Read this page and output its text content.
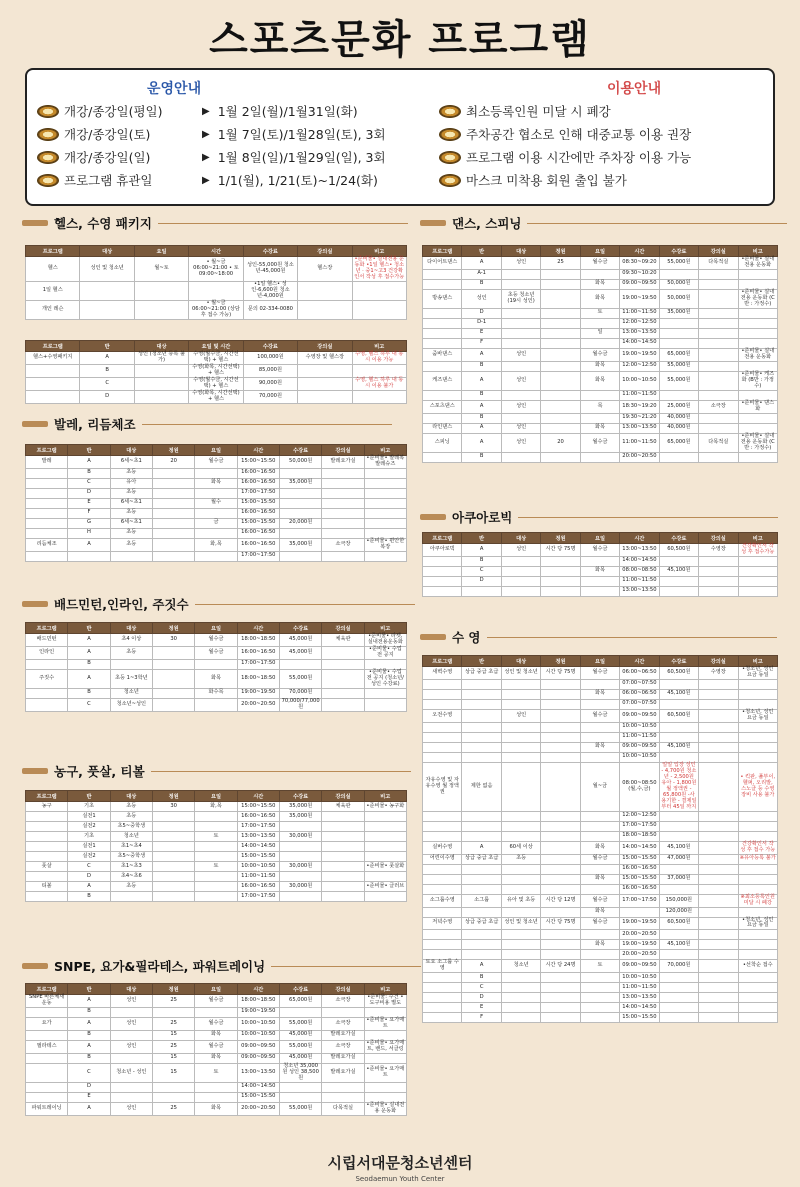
스포츠문화 프로그램
운영안내	이용안내
개강/종강일(평일)	▶ 1월 2일(월)/1월31일(화)
개강/종강일(토)	▶ 1월 7일(토)/1월28일(토), 3회
개강/종강일(일)	▶ 1월 8일(일)/1월29일(일), 3회
프로그램 휴관일	▶ 1/1(월), 1/21(토)~1/24(화)
최소등록인원 미달 시 폐강
주차공간 협소로 인해 대중교통 이용 권장
프로그램 이용 시간에만 주차장 이용 가능
마스크 미착용 회원 출입 불가
헬스, 수영 패키지
발레, 리듬체조
배드민턴,인라인, 주짓수
농구, 풋살, 티볼
SNPE, 요가&필라테스, 파워트레이닝
댄스, 스피닝
아쿠아로빅
수 영
프로그램	대상	요일	시간	수강료	강의실	비고
헬스	성인 및 청소년	월~토	• 월~금 06:00~21:00 • 토 09:00~18:00	성인-55,000원 청소년-45,000원	헬스장	•준비물• 실내전용 운동화 •1일 헬스• 청소년 · 중1~고3 건강확인서 작성 후 접수가능
1일 헬스				•1일 헬스• 성인-6,600원 청소년-4,000원		
개인 레슨			• 월~금 06:00~21:00 (상담 후 접수 가능)	문의 02-334-0080		
프로그램	반	대상	요일 및 시간	수강료	강의실	비고
헬스+수영패키지	A	성인 (청소년 등록 불가)	수영(월수금, 시간선택) + 헬스	100,000원	수영장 및 헬스장	수영, 헬스 하루 내 동시 이용 가능
	B		수영(화목, 시간선택) + 헬스	85,000원		
	C		수영(월수금, 시간선택) + 헬스	90,000원		수영, 헬스 하루 내 동시 이용 불가
	D		수영(화목, 시간선택) + 헬스	70,000원		
프로그램	반	대상	정원	요일	시간	수강료	강의실	비고
발레	A	6세~초1	20	월수금	15:00~15:50	50,000원	발레요가실	•준비물• 발레복 발레슈즈
	B	초등			16:00~16:50			
	C	유아		화목	16:00~16:50	35,000원		
	D	초등			17:00~17:50			
	E	6세~초1		월수	15:00~15:50			
	F	초등			16:00~16:50			
	G	6세~초1		금	15:00~15:50	20,000원		
	H	초등			16:00~16:50			
리듬체조	A	초등		화,목	16:00~16:50	35,000원	소극장	•준비물• 편안한 복장
					17:00~17:50			
프로그램	반	대상	정원	요일	시간	수강료	강의실	비고
배드민턴	A	초4 이상	30	월수금	18:00~18:50	45,000원	체육관	•준비물• 라켓, 실내전용운동화
인라인	A	초등		월수금	16:00~16:50	45,000원		•준비물• 수업 전 공지
	B				17:00~17:50			
주짓수	A	초등 1~3학년		화목	18:00~18:50	55,000원		•준비물• 수업 전 공지 (청소년/성인 수강료)
	B	청소년		화수목	19:00~19:50	70,000원		
	C	청소년~성인			20:00~20:50	70,000/77,000원		
프로그램	반	대상	정원	요일	시간	수강료	강의실	비고
농구	기초	초등	30	화,목	15:00~15:50	35,000원	체육관	•준비물• 농구화
	실전1	초등			16:00~16:50	35,000원		
	실전2	초5~중학생			17:00~17:50			
	기초	청소년		토	13:00~13:50	30,000원		
	실전1	초1~초4			14:00~14:50			
	실전2	초5~중학생			15:00~15:50			
풋살	C	초1~초3		토	10:00~10:50	30,000원		•준비물• 풋살화
	D	초4~초6			11:00~11:50			
티볼	A	초등			16:00~16:50	30,000원		•준비물• 글러브
	B				17:00~17:50			
프로그램	반	대상	정원	요일	시간	수강료	강의실	비고
SNPE 바른체새운동	A	성인	25	월수금	18:00~18:50	65,000원	소극장	•준비물: 수건 •도구비용 별도
	B				19:00~19:50			
요가	A	성인	25	월수금	10:00~10:50	55,000원	소극장	•준비물• 요가매트
	B		15	화목	10:00~10:50	45,000원	발레요가실	
필라테스	A	성인	25	월수금	09:00~09:50	55,000원	소극장	•준비물• 요가매트, 밴드, 서클링
	B		15	화목	09:00~09:50	45,000원	발레요가실	
	C	청소년 - 성인	15	토	13:00~13:50	청소년 35,000원 성인 38,500원	발레요가실	•준비물• 요가매트
	D				14:00~14:50			
	E				15:00~15:50			
파워트레이닝	A	성인	25	화목	20:00~20:50	55,000원	다목적실	•준비물• 실내전용 운동화
프로그램	반	대상	정원	요일	시간	수강료	강의실	비고
다이어트댄스	A	성인	25	월수금	08:30~09:20	55,000원	다목적실	•준비물• 실내전용 운동화
	A-1				09:30~10:20			
	B			화목	09:00~09:50	50,000원		
방송댄스	성인	초등 청소년 (19시 성인)		화목	19:00~19:50	50,000원		•준비물• 실내전용 운동화 (C반 : 가정수)
	D			토	11:00~11:50	35,000원		
	D-1				12:00~12:50			
	E			일	13:00~13:50			
	F				14:00~14:50			
줌바댄스	A	성인		월수금	19:00~19:50	65,000원		•준비물• 실내전용 운동화
	B			화목	12:00~12:50	55,000원		
케즈댄스	A	성인		화목	10:00~10:50	55,000원		•준비물• 케즈화 (B반 : 가정수)
	B				11:00~11:50			
스포츠댄스	A	성인		목	18:30~19:20	25,000원	소극장	•준비물• 댄스화
	B				19:30~21:20	40,000원		
라인댄스	A	성인		화목	13:00~13:50	40,000원		
스피닝	A	성인	20	월수금	11:00~11:50	65,000원	다목적실	•준비물• 실내전용 운동화 (C반 : 가정수)
	B				20:00~20:50			
프로그램	반	대상	정원	요일	시간	수강료	강의실	비고
아쿠아로빅	A	성인	시간 당 75명	월수금	13:00~13:50	60,500원	수영장	건강확인서 작성 후 접수가능
	B				14:00~14:50			
	C			화목	08:00~08:50	45,100원		
	D				11:00~11:50			
					13:00~13:50			
프로그램	반	대상	정원	요일	시간	수강료	강의실	비고
새벽수영	상급 중급 초급	성인 및 청소년	시간 당 75명	월수금	06:00~06:50	60,500원	수영장	•청소년, 성인 요금 동일
					07:00~07:50			
				화목	06:00~06:50	45,100원		
					07:00~07:50			
오전수영		성인		월수금	09:00~09:50	60,500원		•청소년, 성인 요금 동일
					10:00~10:50			
					11:00~11:50			
				화목	09:00~09:50	45,100원		
					10:00~10:50			
자유수영 및 자유수영 월 정액권	제한 없음			월~금	08:00~08:50 (월,수,금)	일일 입장 성인 - 4,700원 청소년 - 2,500원 유아 - 1,800원 월 정액권 - 65,800원 -사용기한 - 결제일 부터 45일 까지		• 킥판, 풀부이, 헬퍼, 오리발, 스노클 등 수영장비 사용 불가
					12:00~12:50			
					17:00~17:50			
					18:00~18:50			
실버수영	A	60세 이상		화목	14:00~14:50	45,100원		건강확인서 작성 후 접수 가능
어린이수영	상급 중급 초급	초등		월수금	15:00~15:50	47,000원		※유아등록 불가
					16:00~16:50			
				화목	15:00~15:50	37,000원		
					16:00~16:50			
소그룹수영	소그룹	유아 및 초등	시간 당 12명	월수금	17:00~17:50	150,000원		※최소등록인원 미달 시 폐강
				화목		120,000원		
저녁수영	상급 중급 초급	성인 및 청소년	시간 당 75명	월수금	19:00~19:50	60,500원		•청소년, 성인 요금 동일
					20:00~20:50			
				화목	19:00~19:50	45,100원		
					20:00~20:50			
토요 소그룹 수영	A	청소년	시간 당 24명	토	09:00~09:50	70,000원		•선착순 접수
	B				10:00~10:50			
	C				11:00~11:50			
	D				13:00~13:50			
	E				14:00~14:50			
	F				15:00~15:50			
시립서대문청소년센터
Seodaemun Youth Center
